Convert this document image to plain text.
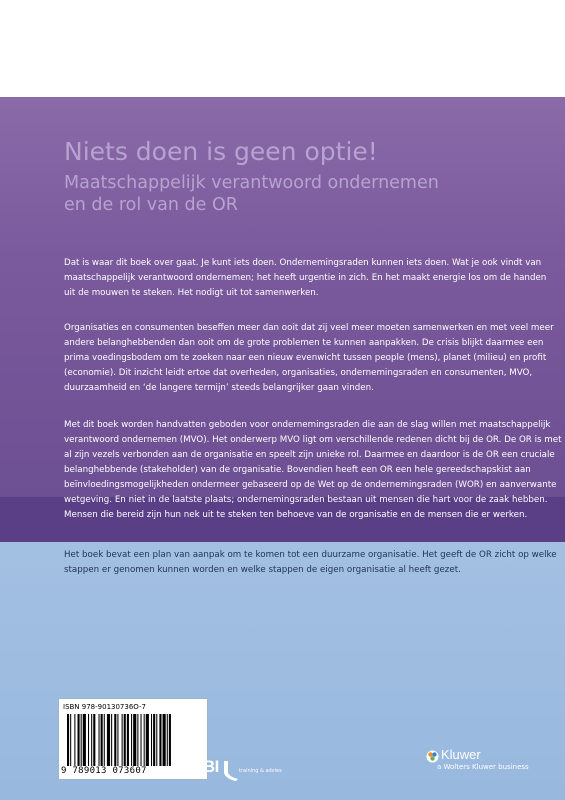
Niets doen is geen optie!
Maatschappelijk verantwoord ondernemen
en de rol van de OR
Dat is waar dit boek over gaat. Je kunt iets doen. Ondernemingsraden kunnen iets doen. Wat je ook vindt van
maatschappelijk verantwoord ondernemen; het heeft urgentie in zich. En het maakt energie los om de handen
uit de mouwen te steken. Het nodigt uit tot samenwerken.
Organisaties en consumenten beseffen meer dan ooit dat zij veel meer moeten samenwerken en met veel meer
andere belanghebbenden dan ooit om de grote problemen te kunnen aanpakken. De crisis blijkt daarmee een
prima voedingsbodem om te zoeken naar een nieuw evenwicht tussen people (mens), planet (milieu) en profit
(economie). Dit inzicht leidt ertoe dat overheden, organisaties, ondernemingsraden en consumenten, MVO,
duurzaamheid en ‘de langere termijn’ steeds belangrijker gaan vinden.
Met dit boek worden handvatten geboden voor ondernemingsraden die aan de slag willen met maatschappelijk
verantwoord ondernemen (MVO). Het onderwerp MVO ligt om verschillende redenen dicht bij de OR. De OR is met
al zijn vezels verbonden aan de organisatie en speelt zijn unieke rol. Daarmee en daardoor is de OR een cruciale
belanghebbende (stakeholder) van de organisatie. Bovendien heeft een OR een hele gereedschapskist aan
beïnvloedingsmogelijkheden ondermeer gebaseerd op de Wet op de ondernemingsraden (WOR) en aanverwante
wetgeving. En niet in de laatste plaats; ondernemingsraden bestaan uit mensen die hart voor de zaak hebben.
Mensen die bereid zijn hun nek uit te steken ten behoeve van de organisatie en de mensen die er werken.
Het boek bevat een plan van aanpak om te komen tot een duurzame organisatie. Het geeft de OR zicht op welke
stappen er genomen kunnen worden en welke stappen de eigen organisatie al heeft gezet.
ISBN 978-90130736O-7
9 789013 073607	SBI	training & advies
Kluwer
a Wolters Kluwer business
